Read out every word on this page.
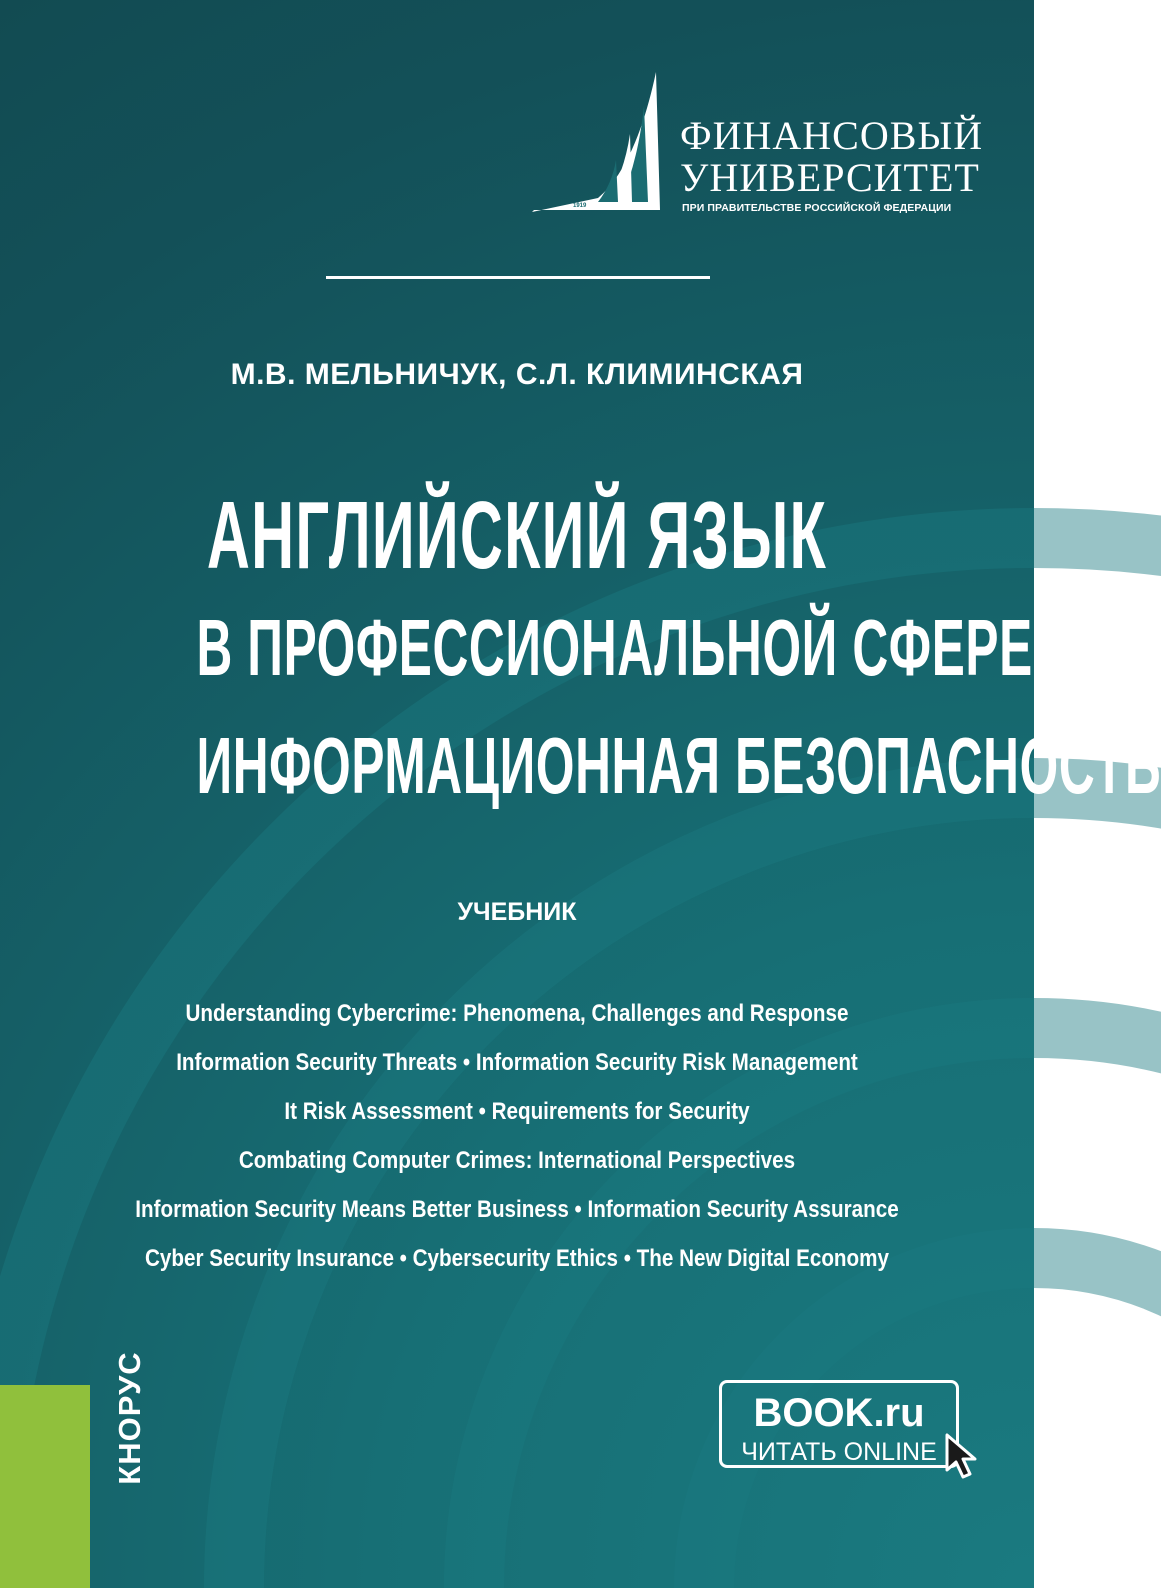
1919
ФИНАНСОВЫЙ
УНИВЕРСИТЕТ
ПРИ ПРАВИТЕЛЬСТВЕ РОССИЙСКОЙ ФЕДЕРАЦИИ
М.В. МЕЛЬНИЧУК, С.Л. КЛИМИНСКАЯ
АНГЛИЙСКИЙ ЯЗЫК
В ПРОФЕССИОНАЛЬНОЙ СФЕРЕ
ИНФОРМАЦИОННАЯ БЕЗОПАСНОСТЬ
УЧЕБНИК
Understanding Cybercrime: Phenomena, Challenges and Response
Information Security Threats • Information Security Risk Management
It Risk Assessment • Requirements for Security
Combating Computer Crimes: International Perspectives
Information Security Means Better Business • Information Security Assurance
Cyber Security Insurance • Cybersecurity Ethics • The New Digital Economy
КНОРУС	BOOK.ru
ЧИТАТЬ ONLINE
